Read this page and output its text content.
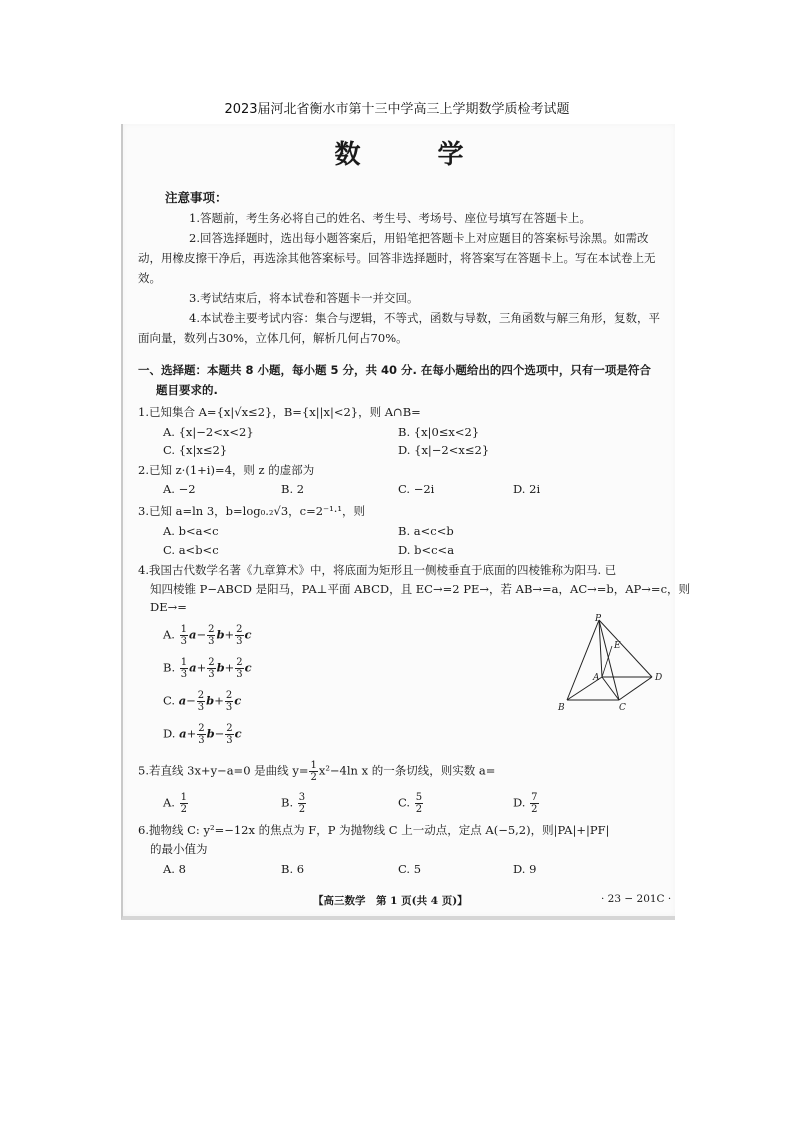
2023届河北省衡水市第十三中学高三上学期数学质检考试题
数 学
注意事项：

1.答题前，考生务必将自己的姓名、考生号、考场号、座位号填写在答题卡上。

2.回答选择题时，选出每小题答案后，用铅笔把答题卡上对应题目的答案标号涂黑。如需改动，用橡皮擦干净后，再选涂其他答案标号。回答非选择题时，将答案写在答题卡上。写在本试卷上无效。

3.考试结束后，将本试卷和答题卡一并交回。

4.本试卷主要考试内容：集合与逻辑，不等式，函数与导数，三角函数与解三角形，复数，平面向量，数列占30%，立体几何，解析几何占70%。

一、选择题：本题共 8 小题，每小题 5 分，共 40 分. 在每小题给出的四个选项中，只有一项是符合
题目要求的.
1.已知集合 A={x|√x≤2}，B={x||x|<2}，则 A∩B=
A. {x|−2<x<2}	B. {x|0≤x<2}
C. {x|x≤2}	D. {x|−2<x≤2}
2.已知 z·(1+i)=4，则 z 的虚部为
A. −2	B. 2	C. −2i	D. 2i
3.已知 a=ln 3，b=log₀.₂√3，c=2⁻¹·¹，则
A. b<a<c	B. a<c<b
C. a<b<c	D. b<c<a
4.我国古代数学名著《九章算术》中，将底面为矩形且一侧棱垂直于底面的四棱锥称为阳马. 已
知四棱锥 P−ABCD 是阳马，PA⊥平面 ABCD，且 EC→=2 PE→，若 AB→=a，AC→=b，AP→=c，则
DE→=
A. $\frac{1}{3} a- \frac{2}{3} b+ \frac{2}{3}$ c
B. $\frac{1}{3} a+ \frac{2}{3} b+ \frac{2}{3}$ c
C. $a- \frac{2}{3} b+ \frac{2}{3}$ c
D. $a+ \frac{2}{3} b- \frac{2}{3}$ c
P
E
A
B	C
D
5.若直线 3x+y−a=0 是曲线 $y= \frac{1}{2} x^2-4\ln$ x 的一条切线，则实数 a=
A. $\frac{1}{2}$	B. $\frac{3}{2}$	C. $\frac{5}{2}$	D. $\frac{7}{2}$
6.抛物线 C: y²=−12x 的焦点为 F，P 为抛物线 C 上一动点，定点 A(−5,2)，则|PA|+|PF|
的最小值为
A. 8	B. 6	C. 5	D. 9
【高三数学　第 1 页(共 4 页)】	· 23 − 201C ·
